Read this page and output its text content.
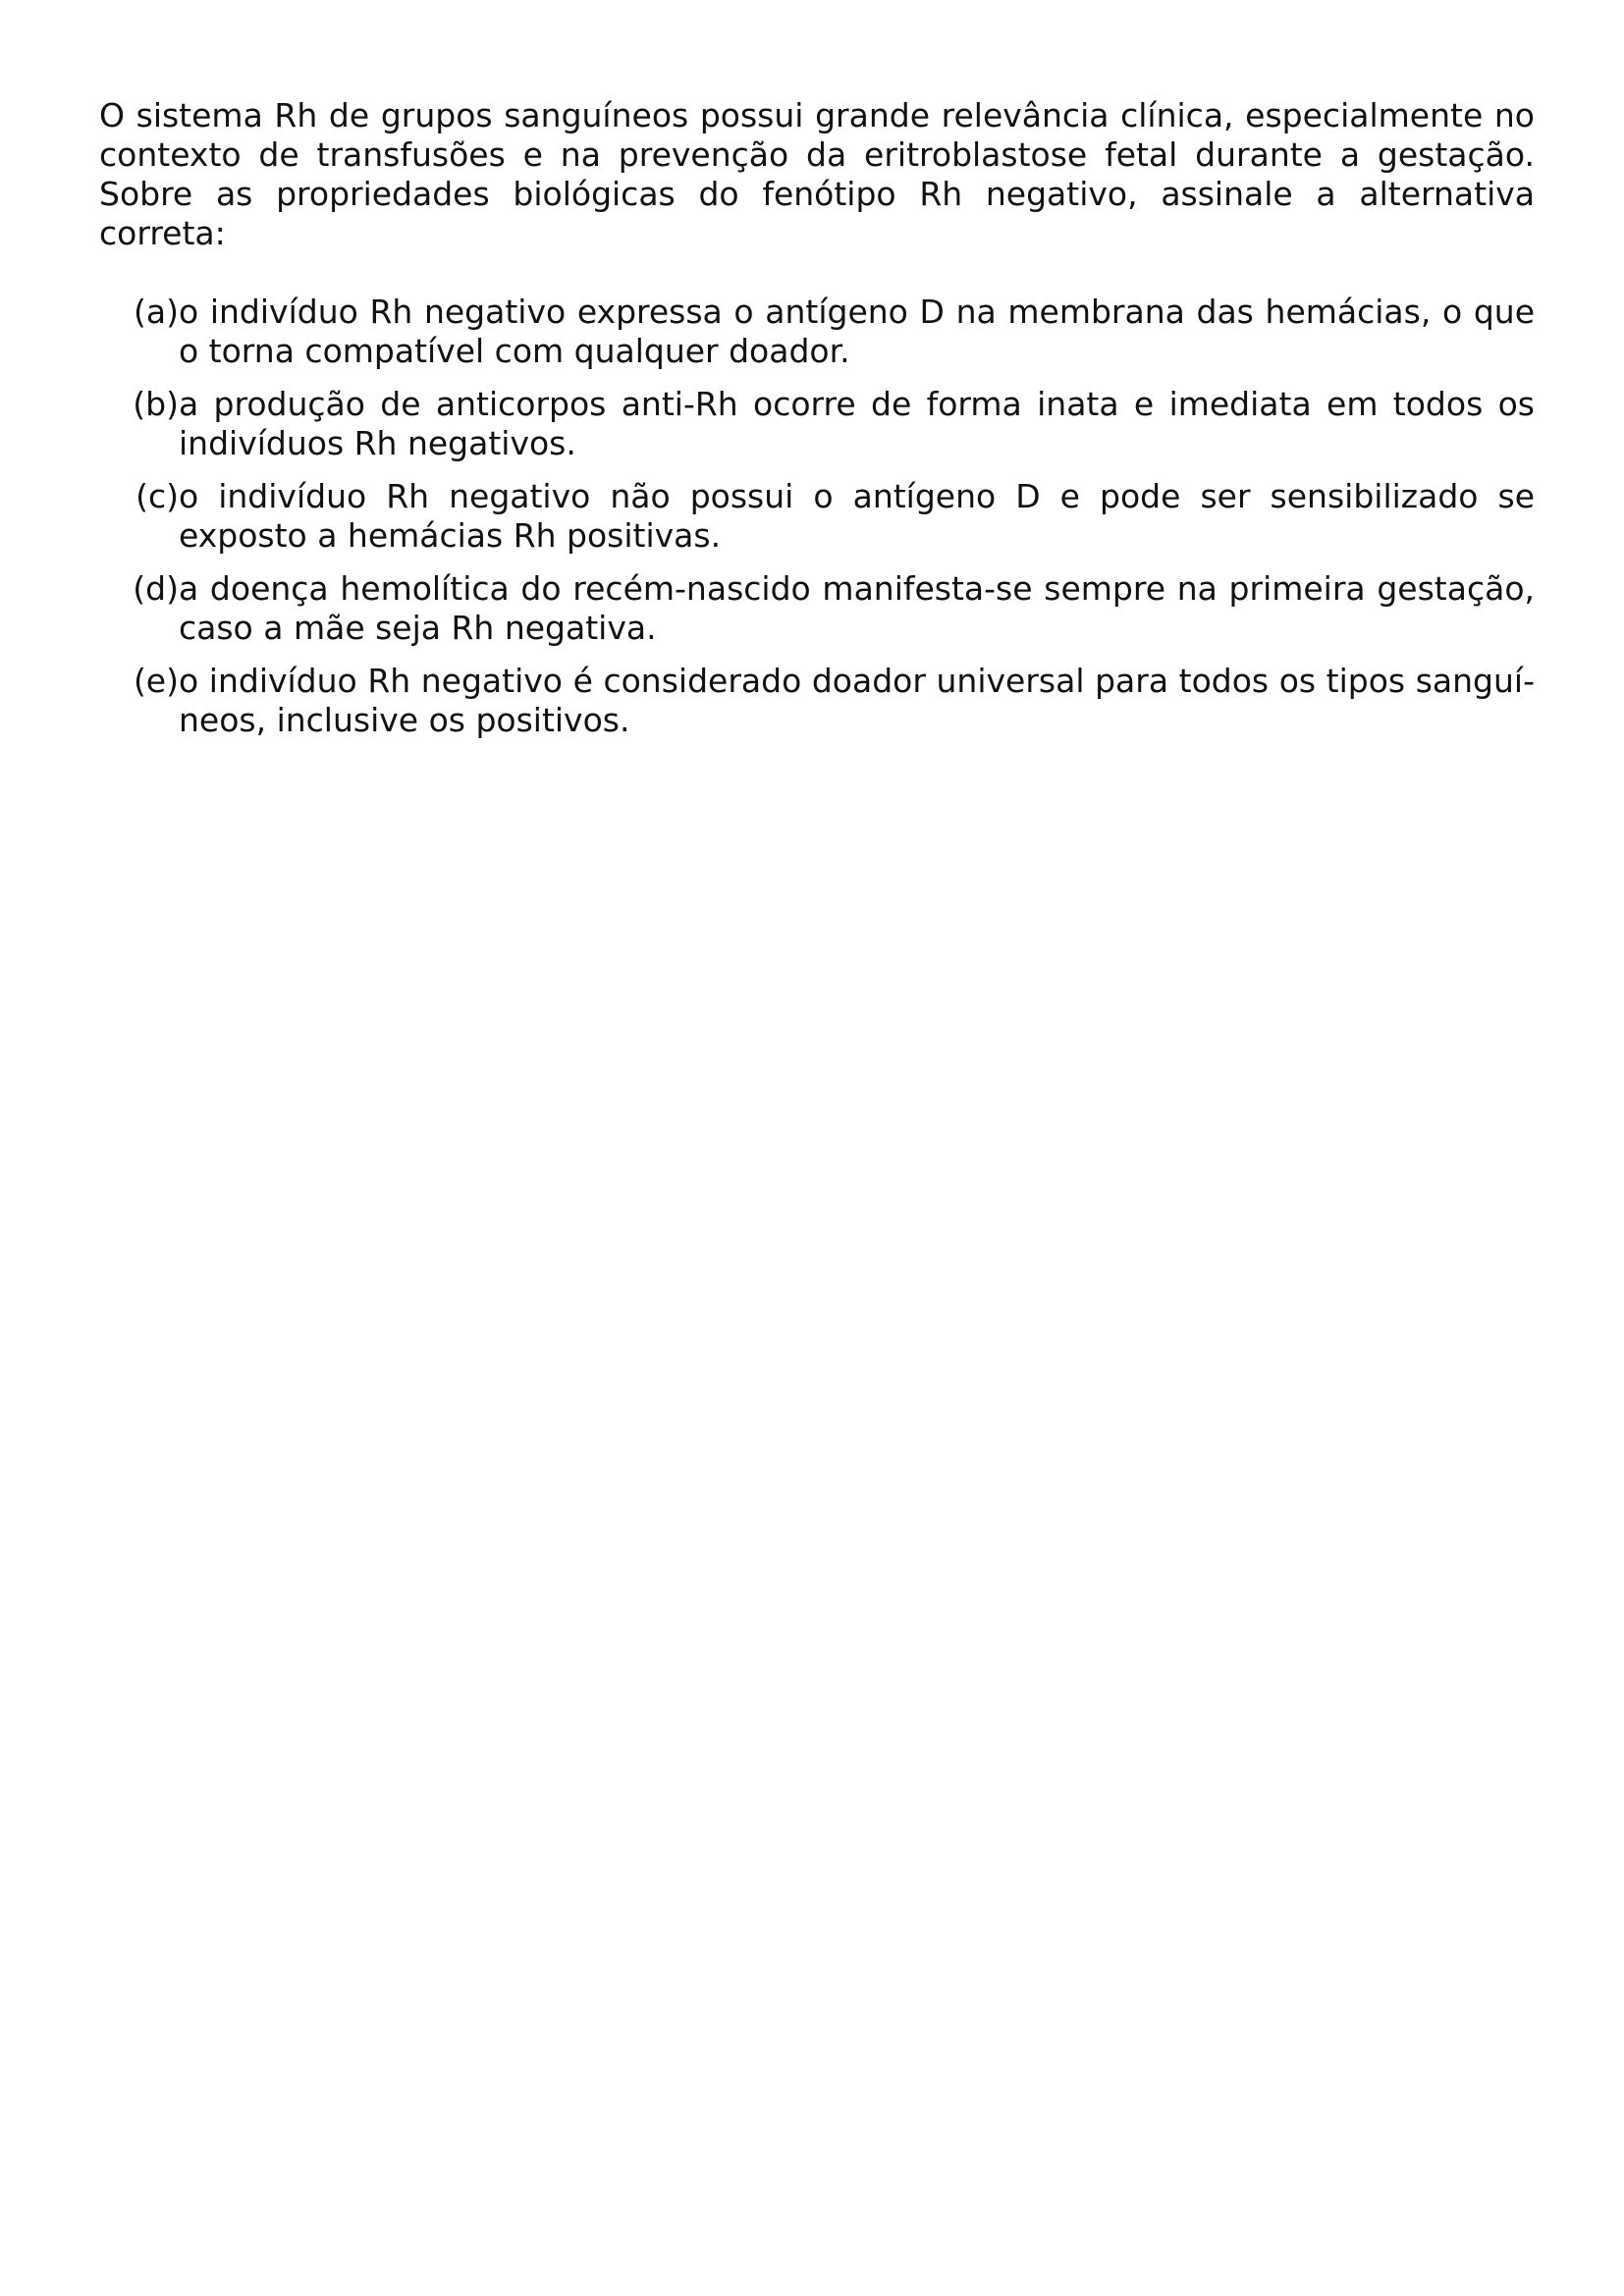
O sistema Rh de grupos sanguíneos possui grande relevância clínica, especialmente no contexto de transfusões e na prevenção da eritroblastose fetal durante a gestação. Sobre as propriedades biológicas do fenótipo Rh negativo, assinale a alternativa correta:

(a) o indivíduo Rh negativo expressa o antígeno D na membrana das hemácias, o que o torna compatível com qualquer doador.
(b) a produção de anticorpos anti-Rh ocorre de forma inata e imediata em todos os indivíduos Rh negativos.
(c) o indivíduo Rh negativo não possui o antígeno D e pode ser sensibilizado se exposto a hemácias Rh positivas.
(d) a doença hemolítica do recém-nascido manifesta-se sempre na primeira gestação, caso a mãe seja Rh negativa.
(e) o indivíduo Rh negativo é considerado doador universal para todos os tipos sanguíneos, inclusive os positivos.
